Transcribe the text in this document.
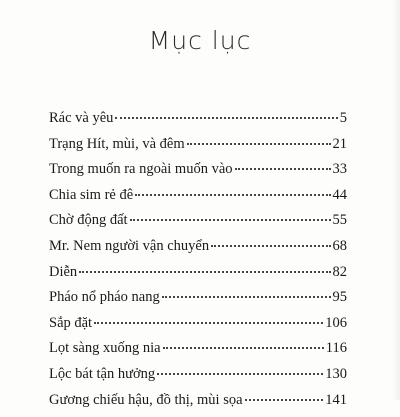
Mục lục
Rác và yêu	5
Trạng Hít, mùi, và đêm	21
Trong muốn ra ngoài muốn vào	33
Chia sim rẻ đê	44
Chờ động đất	55
Mr. Nem người vận chuyển	68
Diễn	82
Pháo nổ pháo nang	95
Sắp đặt	106
Lọt sàng xuống nia	116
Lộc bát tận hưởng	130
Gương chiếu hậu, đồ thị, mùi sọa	141
